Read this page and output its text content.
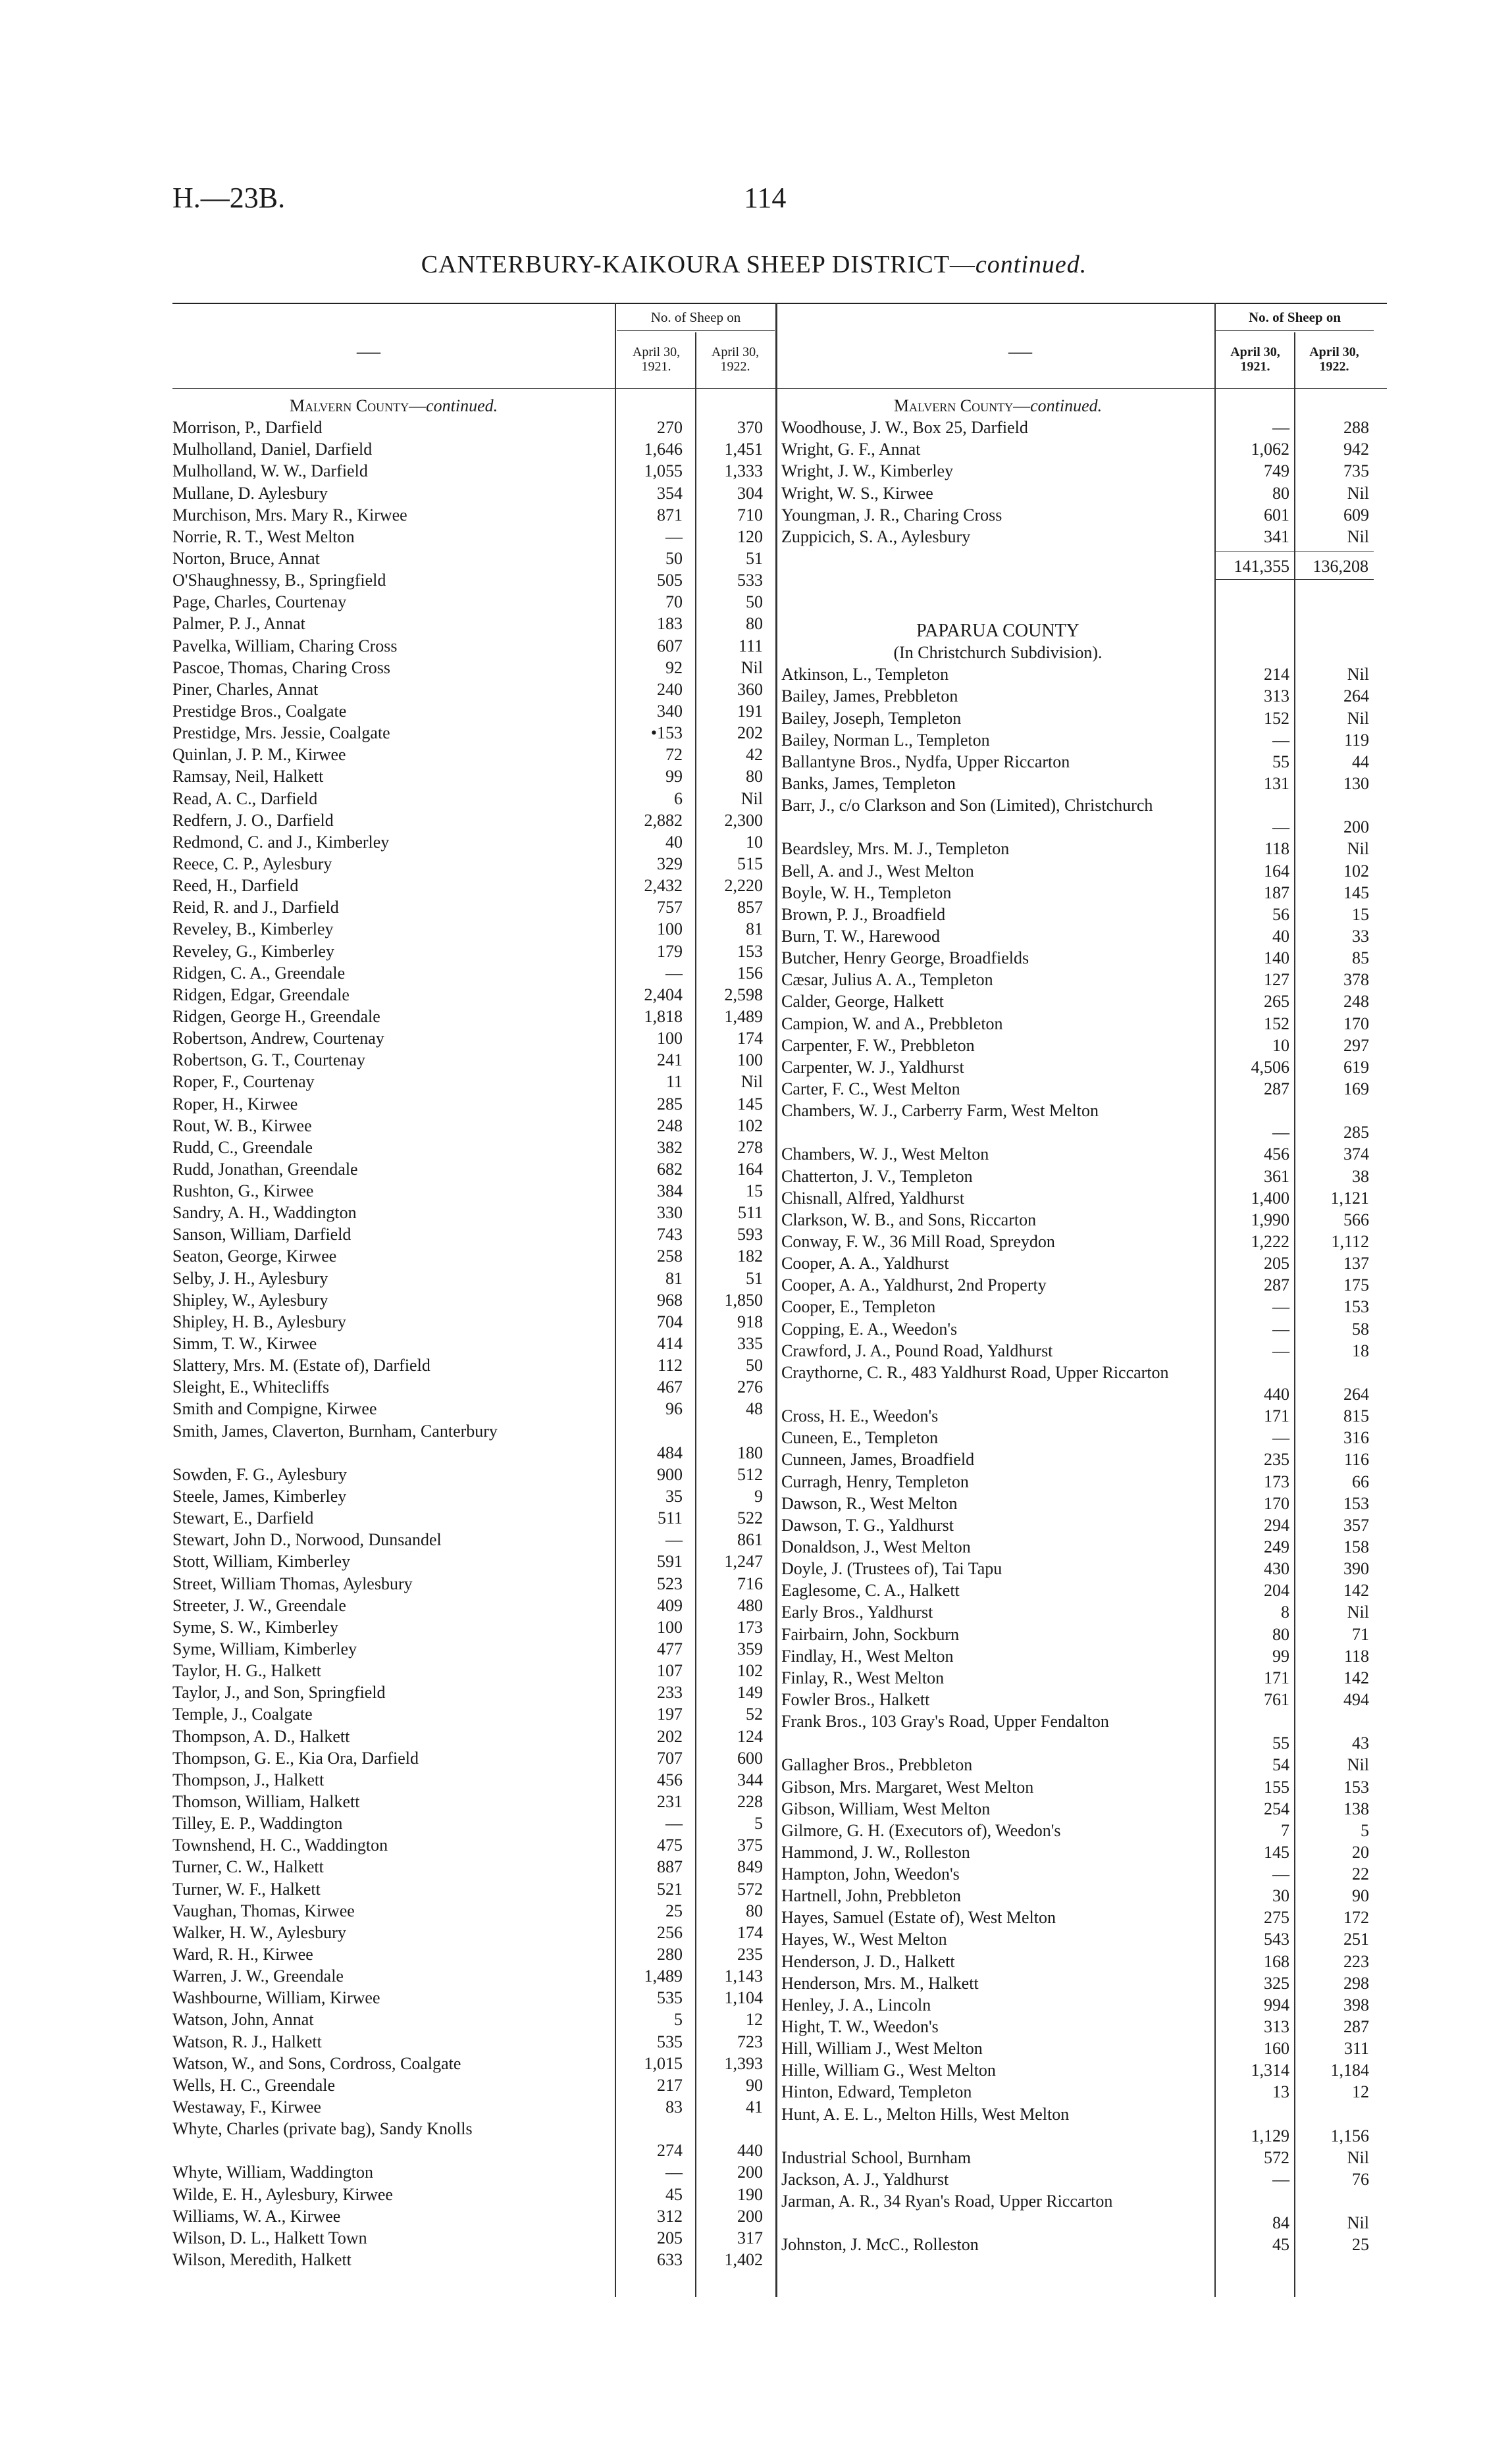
H.—23B.	114
CANTERBURY-KAIKOURA SHEEP DISTRICT—continued.
—
No. of Sheep on
April 30,
1921.
April 30,
1922.
Malvern County—continued.
Morrison, P., Darfield	270	370
Mulholland, Daniel, Darfield	1,646	1,451
Mulholland, W. W., Darfield	1,055	1,333
Mullane, D. Aylesbury	354	304
Murchison, Mrs. Mary R., Kirwee	871	710
Norrie, R. T., West Melton	—	120
Norton, Bruce, Annat	50	51
O'Shaughnessy, B., Springfield	505	533
Page, Charles, Courtenay	70	50
Palmer, P. J., Annat	183	80
Pavelka, William, Charing Cross	607	111
Pascoe, Thomas, Charing Cross	92	Nil
Piner, Charles, Annat	240	360
Prestidge Bros., Coalgate	340	191
Prestidge, Mrs. Jessie, Coalgate	•153	202
Quinlan, J. P. M., Kirwee	72	42
Ramsay, Neil, Halkett	99	80
Read, A. C., Darfield	6	Nil
Redfern, J. O., Darfield	2,882	2,300
Redmond, C. and J., Kimberley	40	10
Reece, C. P., Aylesbury	329	515
Reed, H., Darfield	2,432	2,220
Reid, R. and J., Darfield	757	857
Reveley, B., Kimberley	100	81
Reveley, G., Kimberley	179	153
Ridgen, C. A., Greendale	—	156
Ridgen, Edgar, Greendale	2,404	2,598
Ridgen, George H., Greendale	1,818	1,489
Robertson, Andrew, Courtenay	100	174
Robertson, G. T., Courtenay	241	100
Roper, F., Courtenay	11	Nil
Roper, H., Kirwee	285	145
Rout, W. B., Kirwee	248	102
Rudd, C., Greendale	382	278
Rudd, Jonathan, Greendale	682	164
Rushton, G., Kirwee	384	15
Sandry, A. H., Waddington	330	511
Sanson, William, Darfield	743	593
Seaton, George, Kirwee	258	182
Selby, J. H., Aylesbury	81	51
Shipley, W., Aylesbury	968	1,850
Shipley, H. B., Aylesbury	704	918
Simm, T. W., Kirwee	414	335
Slattery, Mrs. M. (Estate of), Darfield	112	50
Sleight, E., Whitecliffs	467	276
Smith and Compigne, Kirwee	96	48
Smith, James, Claverton, Burnham, Canterbury
484	180
Sowden, F. G., Aylesbury	900	512
Steele, James, Kimberley	35	9
Stewart, E., Darfield	511	522
Stewart, John D., Norwood, Dunsandel	—	861
Stott, William, Kimberley	591	1,247
Street, William Thomas, Aylesbury	523	716
Streeter, J. W., Greendale	409	480
Syme, S. W., Kimberley	100	173
Syme, William, Kimberley	477	359
Taylor, H. G., Halkett	107	102
Taylor, J., and Son, Springfield	233	149
Temple, J., Coalgate	197	52
Thompson, A. D., Halkett	202	124
Thompson, G. E., Kia Ora, Darfield	707	600
Thompson, J., Halkett	456	344
Thomson, William, Halkett	231	228
Tilley, E. P., Waddington	—	5
Townshend, H. C., Waddington	475	375
Turner, C. W., Halkett	887	849
Turner, W. F., Halkett	521	572
Vaughan, Thomas, Kirwee	25	80
Walker, H. W., Aylesbury	256	174
Ward, R. H., Kirwee	280	235
Warren, J. W., Greendale	1,489	1,143
Washbourne, William, Kirwee	535	1,104
Watson, John, Annat	5	12
Watson, R. J., Halkett	535	723
Watson, W., and Sons, Cordross, Coalgate	1,015	1,393
Wells, H. C., Greendale	217	90
Westaway, F., Kirwee	83	41
Whyte, Charles (private bag), Sandy Knolls
274	440
Whyte, William, Waddington	—	200
Wilde, E. H., Aylesbury, Kirwee	45	190
Williams, W. A., Kirwee	312	200
Wilson, D. L., Halkett Town	205	317
Wilson, Meredith, Halkett	633	1,402
—
No. of Sheep on
April 30,
1921.
April 30,
1922.
Malvern County—continued.
Woodhouse, J. W., Box 25, Darfield	—	288
Wright, G. F., Annat	1,062	942
Wright, J. W., Kimberley	749	735
Wright, W. S., Kirwee	80	Nil
Youngman, J. R., Charing Cross	601	609
Zuppicich, S. A., Aylesbury	341	Nil
141,355	136,208
PAPARUA COUNTY
(In Christchurch Subdivision).
Atkinson, L., Templeton	214	Nil
Bailey, James, Prebbleton	313	264
Bailey, Joseph, Templeton	152	Nil
Bailey, Norman L., Templeton	—	119
Ballantyne Bros., Nydfa, Upper Riccarton	55	44
Banks, James, Templeton	131	130
Barr, J., c/o Clarkson and Son (Limited), Christchurch
—	200
Beardsley, Mrs. M. J., Templeton	118	Nil
Bell, A. and J., West Melton	164	102
Boyle, W. H., Templeton	187	145
Brown, P. J., Broadfield	56	15
Burn, T. W., Harewood	40	33
Butcher, Henry George, Broadfields	140	85
Cæsar, Julius A. A., Templeton	127	378
Calder, George, Halkett	265	248
Campion, W. and A., Prebbleton	152	170
Carpenter, F. W., Prebbleton	10	297
Carpenter, W. J., Yaldhurst	4,506	619
Carter, F. C., West Melton	287	169
Chambers, W. J., Carberry Farm, West Melton
—	285
Chambers, W. J., West Melton	456	374
Chatterton, J. V., Templeton	361	38
Chisnall, Alfred, Yaldhurst	1,400	1,121
Clarkson, W. B., and Sons, Riccarton	1,990	566
Conway, F. W., 36 Mill Road, Spreydon	1,222	1,112
Cooper, A. A., Yaldhurst	205	137
Cooper, A. A., Yaldhurst, 2nd Property	287	175
Cooper, E., Templeton	—	153
Copping, E. A., Weedon's	—	58
Crawford, J. A., Pound Road, Yaldhurst	—	18
Craythorne, C. R., 483 Yaldhurst Road, Upper Riccarton
440	264
Cross, H. E., Weedon's	171	815
Cuneen, E., Templeton	—	316
Cunneen, James, Broadfield	235	116
Curragh, Henry, Templeton	173	66
Dawson, R., West Melton	170	153
Dawson, T. G., Yaldhurst	294	357
Donaldson, J., West Melton	249	158
Doyle, J. (Trustees of), Tai Tapu	430	390
Eaglesome, C. A., Halkett	204	142
Early Bros., Yaldhurst	8	Nil
Fairbairn, John, Sockburn	80	71
Findlay, H., West Melton	99	118
Finlay, R., West Melton	171	142
Fowler Bros., Halkett	761	494
Frank Bros., 103 Gray's Road, Upper Fendalton
55	43
Gallagher Bros., Prebbleton	54	Nil
Gibson, Mrs. Margaret, West Melton	155	153
Gibson, William, West Melton	254	138
Gilmore, G. H. (Executors of), Weedon's	7	5
Hammond, J. W., Rolleston	145	20
Hampton, John, Weedon's	—	22
Hartnell, John, Prebbleton	30	90
Hayes, Samuel (Estate of), West Melton	275	172
Hayes, W., West Melton	543	251
Henderson, J. D., Halkett	168	223
Henderson, Mrs. M., Halkett	325	298
Henley, J. A., Lincoln	994	398
Hight, T. W., Weedon's	313	287
Hill, William J., West Melton	160	311
Hille, William G., West Melton	1,314	1,184
Hinton, Edward, Templeton	13	12
Hunt, A. E. L., Melton Hills, West Melton
1,129	1,156
Industrial School, Burnham	572	Nil
Jackson, A. J., Yaldhurst	—	76
Jarman, A. R., 34 Ryan's Road, Upper Riccarton
84	Nil
Johnston, J. McC., Rolleston	45	25
